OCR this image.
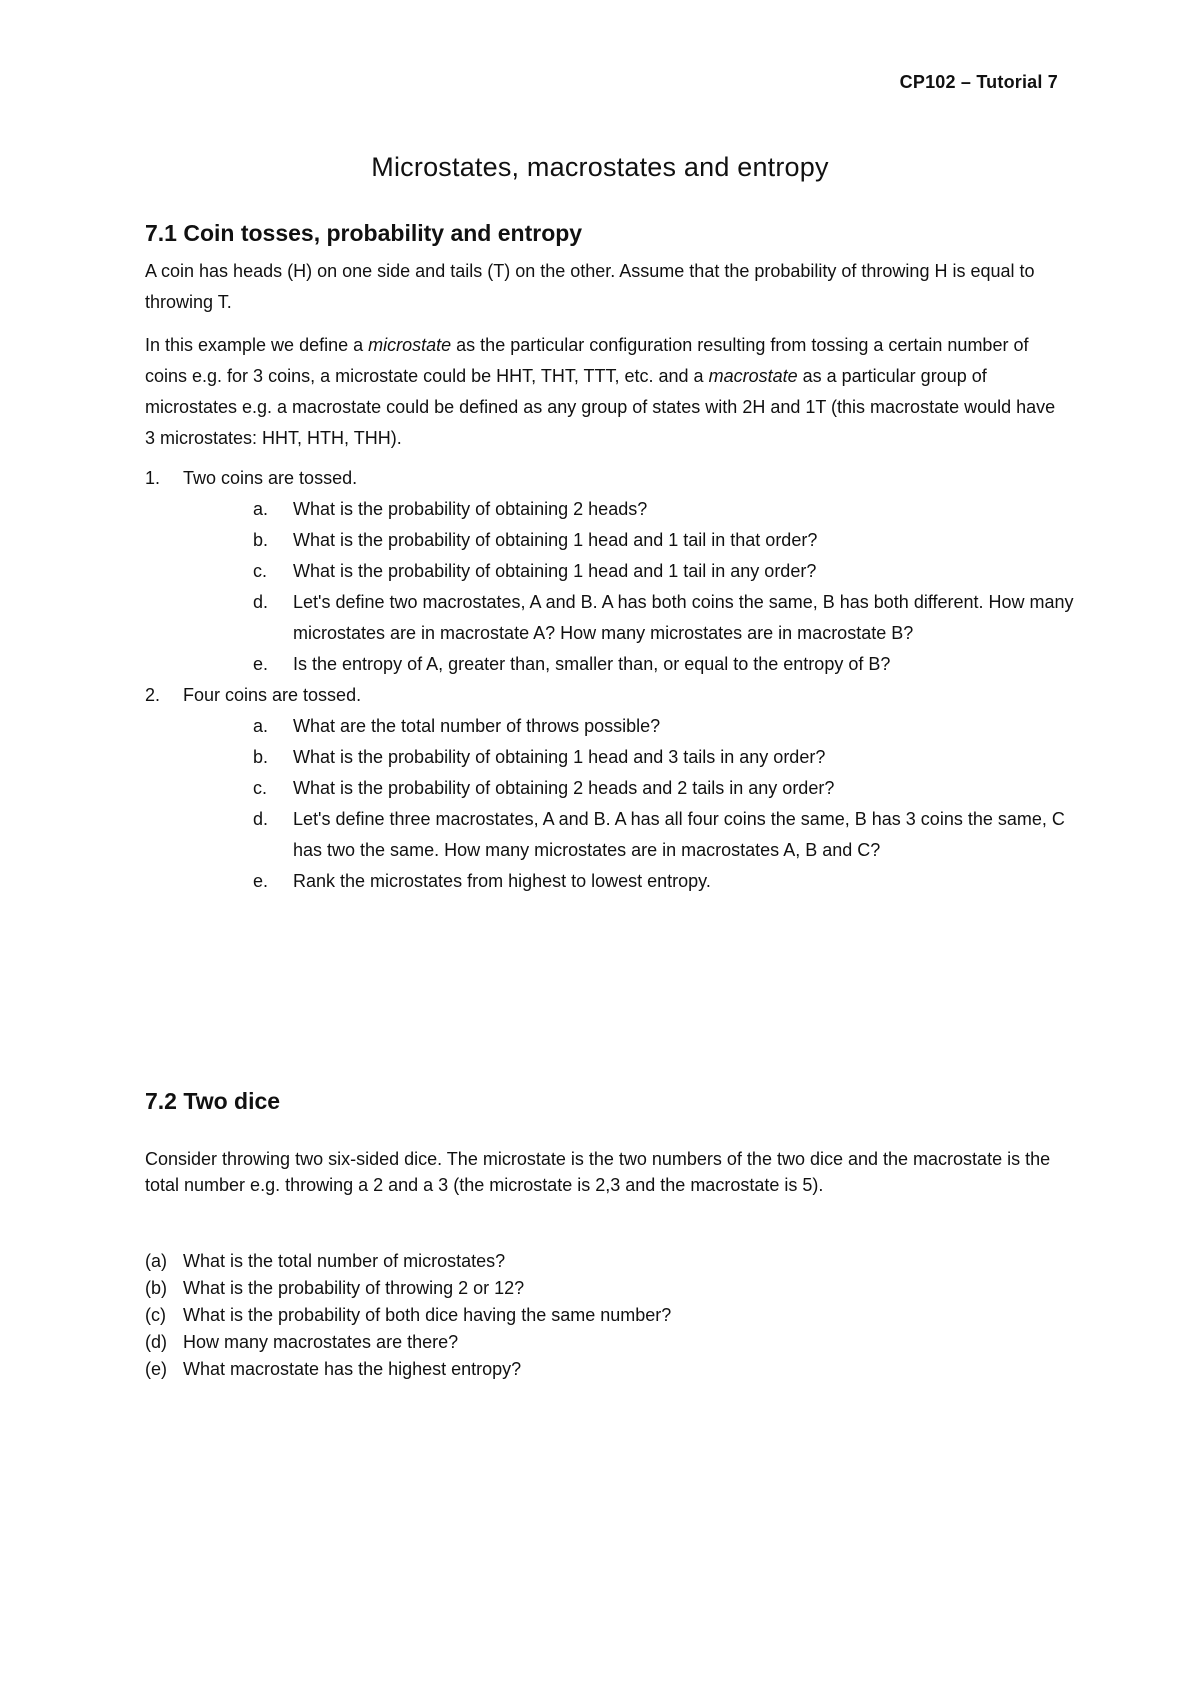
CP102 – Tutorial 7
Microstates, macrostates and entropy
7.1 Coin tosses, probability and entropy
A coin has heads (H) on one side and tails (T) on the other. Assume that the probability of throwing H is equal to throwing T.
In this example we define a microstate as the particular configuration resulting from tossing a certain number of coins e.g. for 3 coins, a microstate could be HHT, THT, TTT, etc. and a macrostate as a particular group of microstates e.g. a macrostate could be defined as any group of states with 2H and 1T (this macrostate would have 3 microstates: HHT, HTH, THH).
1. Two coins are tossed.
a. What is the probability of obtaining 2 heads?
b. What is the probability of obtaining 1 head and 1 tail in that order?
c. What is the probability of obtaining 1 head and 1 tail in any order?
d. Let's define two macrostates, A and B. A has both coins the same, B has both different. How many microstates are in macrostate A? How many microstates are in macrostate B?
e. Is the entropy of A, greater than, smaller than, or equal to the entropy of B?
2. Four coins are tossed.
a. What are the total number of throws possible?
b. What is the probability of obtaining 1 head and 3 tails in any order?
c. What is the probability of obtaining 2 heads and 2 tails in any order?
d. Let's define three macrostates, A and B. A has all four coins the same, B has 3 coins the same, C has two the same. How many microstates are in macrostates A, B and C?
e. Rank the microstates from highest to lowest entropy.
7.2 Two dice
Consider throwing two six-sided dice. The microstate is the two numbers of the two dice and the macrostate is the total number e.g. throwing a 2 and a 3 (the microstate is 2,3 and the macrostate is 5).
(a) What is the total number of microstates?
(b) What is the probability of throwing 2 or 12?
(c) What is the probability of both dice having the same number?
(d) How many macrostates are there?
(e) What macrostate has the highest entropy?
